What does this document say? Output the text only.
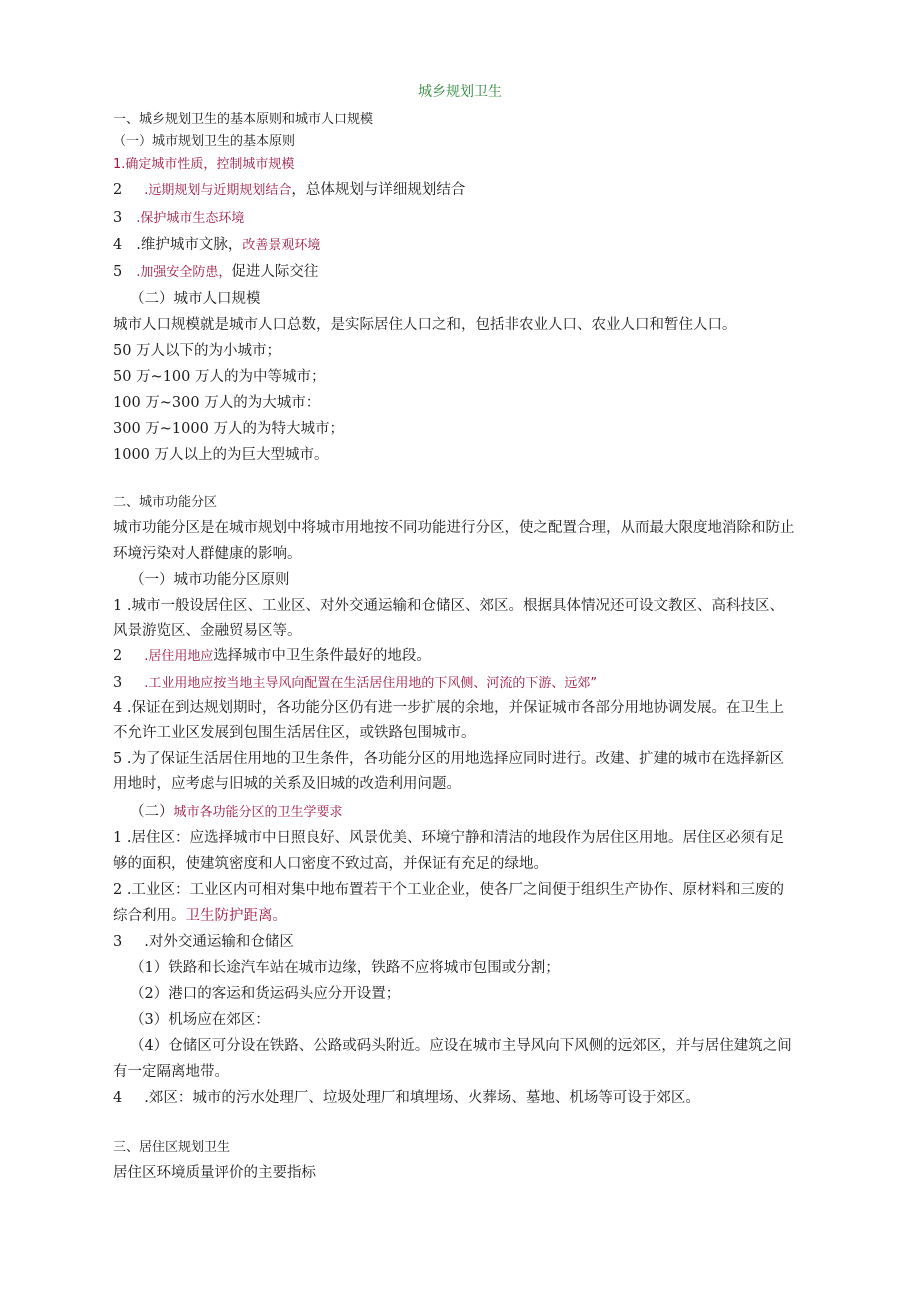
城乡规划卫生
一、城乡规划卫生的基本原则和城市人口规模
（一）城市规划卫生的基本原则
1.确定城市性质，控制城市规模
2 .远期规划与近期规划结合，总体规划与详细规划结合
3 .保护城市生态环境
4 .维护城市文脉，改善景观环境
5 .加强安全防患，促进人际交往
（二）城市人口规模
城市人口规模就是城市人口总数，是实际居住人口之和，包括非农业人口、农业人口和暂住人口。
50 万人以下的为小城市；
50 万~100 万人的为中等城市；
100 万~300 万人的为大城市：
300 万~1000 万人的为特大城市；
1000 万人以上的为巨大型城市。
二、城市功能分区
城市功能分区是在城市规划中将城市用地按不同功能进行分区，使之配置合理，从而最大限度地消除和防止
环境污染对人群健康的影响。
（一）城市功能分区原则
1 .城市一般设居住区、工业区、对外交通运输和仓储区、郊区。根据具体情况还可设文教区、高科技区、
风景游览区、金融贸易区等。
2 .居住用地应选择城市中卫生条件最好的地段。
3 .工业用地应按当地主导风向配置在生活居住用地的下风侧、河流的下游、远郊”
4 .保证在到达规划期时，各功能分区仍有进一步扩展的余地，并保证城市各部分用地协调发展。在卫生上
不允许工业区发展到包围生活居住区，或铁路包围城市。
5 .为了保证生活居住用地的卫生条件，各功能分区的用地选择应同时进行。改建、扩建的城市在选择新区
用地时，应考虑与旧城的关系及旧城的改造利用问题。
（二）城市各功能分区的卫生学要求
1 .居住区：应选择城市中日照良好、风景优美、环境宁静和清洁的地段作为居住区用地。居住区必须有足
够的面积，使建筑密度和人口密度不致过高，并保证有充足的绿地。
2 .工业区：工业区内可相对集中地布置若干个工业企业，使各厂之间便于组织生产协作、原材料和三废的
综合利用。卫生防护距离。
3 .对外交通运输和仓储区
（1）铁路和长途汽车站在城市边缘，铁路不应将城市包围或分割；
（2）港口的客运和货运码头应分开设置；
（3）机场应在郊区：
（4）仓储区可分设在铁路、公路或码头附近。应设在城市主导风向下风侧的远郊区，并与居住建筑之间
有一定隔离地带。
4 .郊区：城市的污水处理厂、垃圾处理厂和填埋场、火葬场、墓地、机场等可设于郊区。
三、居住区规划卫生
居住区环境质量评价的主要指标
